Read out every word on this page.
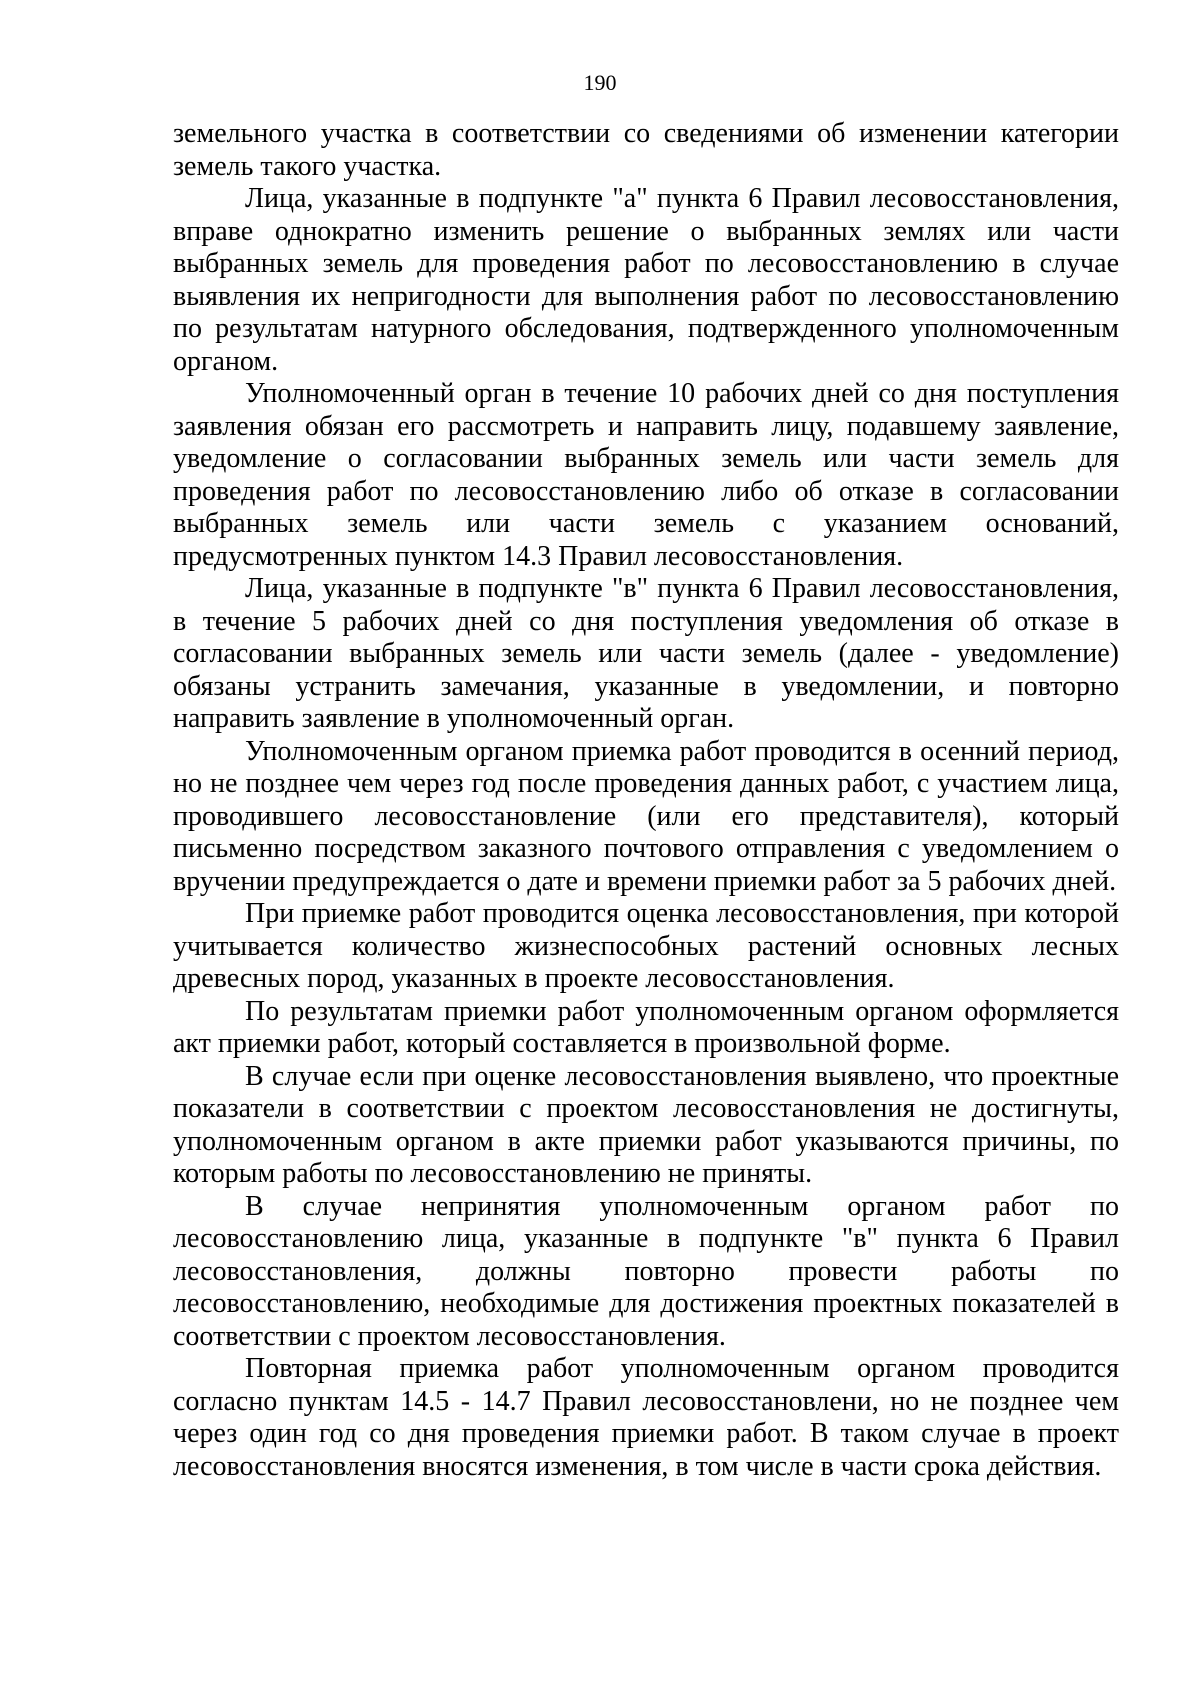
190

земельного участка в соответствии со сведениями об изменении категории земель такого участка.

Лица, указанные в подпункте "а" пункта 6 Правил лесовосстановления, вправе однократно изменить решение о выбранных землях или части выбранных земель для проведения работ по лесовосстановлению в случае выявления их непригодности для выполнения работ по лесовосстановлению по результатам натурного обследования, подтвержденного уполномоченным органом.

Уполномоченный орган в течение 10 рабочих дней со дня поступления заявления обязан его рассмотреть и направить лицу, подавшему заявление, уведомление о согласовании выбранных земель или части земель для проведения работ по лесовосстановлению либо об отказе в согласовании выбранных земель или части земель с указанием оснований, предусмотренных пунктом 14.3 Правил лесовосстановления.

Лица, указанные в подпункте "в" пункта 6 Правил лесовосстановления, в течение 5 рабочих дней со дня поступления уведомления об отказе в согласовании выбранных земель или части земель (далее - уведомление) обязаны устранить замечания, указанные в уведомлении, и повторно направить заявление в уполномоченный орган.

Уполномоченным органом приемка работ проводится в осенний период, но не позднее чем через год после проведения данных работ, с участием лица, проводившего лесовосстановление (или его представителя), который письменно посредством заказного почтового отправления с уведомлением о вручении предупреждается о дате и времени приемки работ за 5 рабочих дней.

При приемке работ проводится оценка лесовосстановления, при которой учитывается количество жизнеспособных растений основных лесных древесных пород, указанных в проекте лесовосстановления.

По результатам приемки работ уполномоченным органом оформляется акт приемки работ, который составляется в произвольной форме.

В случае если при оценке лесовосстановления выявлено, что проектные показатели в соответствии с проектом лесовосстановления не достигнуты, уполномоченным органом в акте приемки работ указываются причины, по которым работы по лесовосстановлению не приняты.

В случае непринятия уполномоченным органом работ по лесовосстановлению лица, указанные в подпункте "в" пункта 6 Правил лесовосстановления, должны повторно провести работы по лесовосстановлению, необходимые для достижения проектных показателей в соответствии с проектом лесовосстановления.

Повторная приемка работ уполномоченным органом проводится согласно пунктам 14.5 - 14.7 Правил лесовосстановлени, но не позднее чем через один год со дня проведения приемки работ. В таком случае в проект лесовосстановления вносятся изменения, в том числе в части срока действия.
